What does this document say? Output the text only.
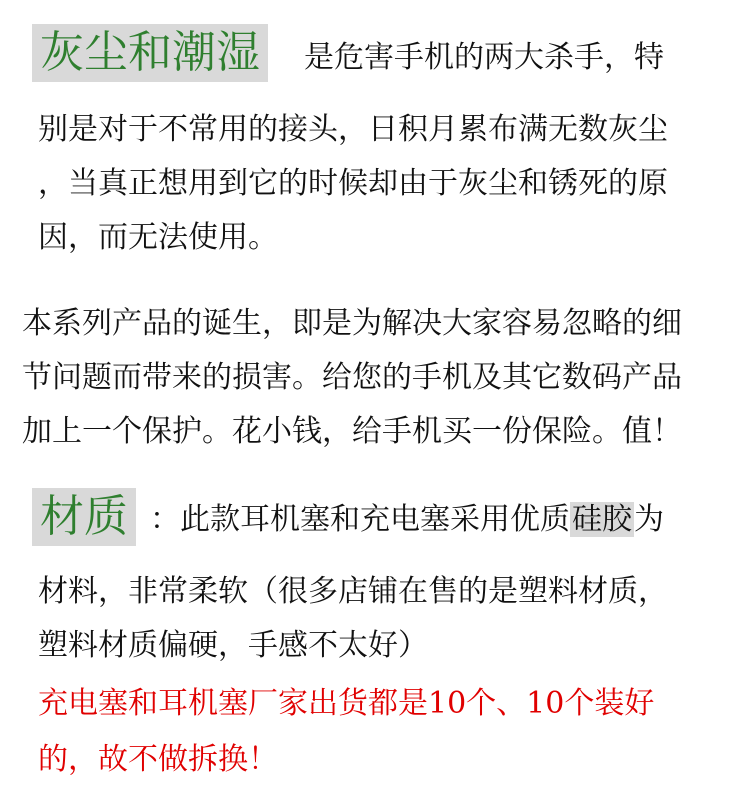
灰尘和潮湿 是危害手机的两大杀手，特
别是对于不常用的接头，日积月累布满无数灰尘
，当真正想用到它的时候却由于灰尘和锈死的原
因，而无法使用。
本系列产品的诞生，即是为解决大家容易忽略的细
节问题而带来的损害。给您的手机及其它数码产品
加上一个保护。花小钱，给手机买一份保险。值！
材质 ：此款耳机塞和充电塞采用优质硅胶为
材料，非常柔软（很多店铺在售的是塑料材质，
塑料材质偏硬，手感不太好）
充电塞和耳机塞厂家出货都是10个、10个装好
的，故不做拆换！
